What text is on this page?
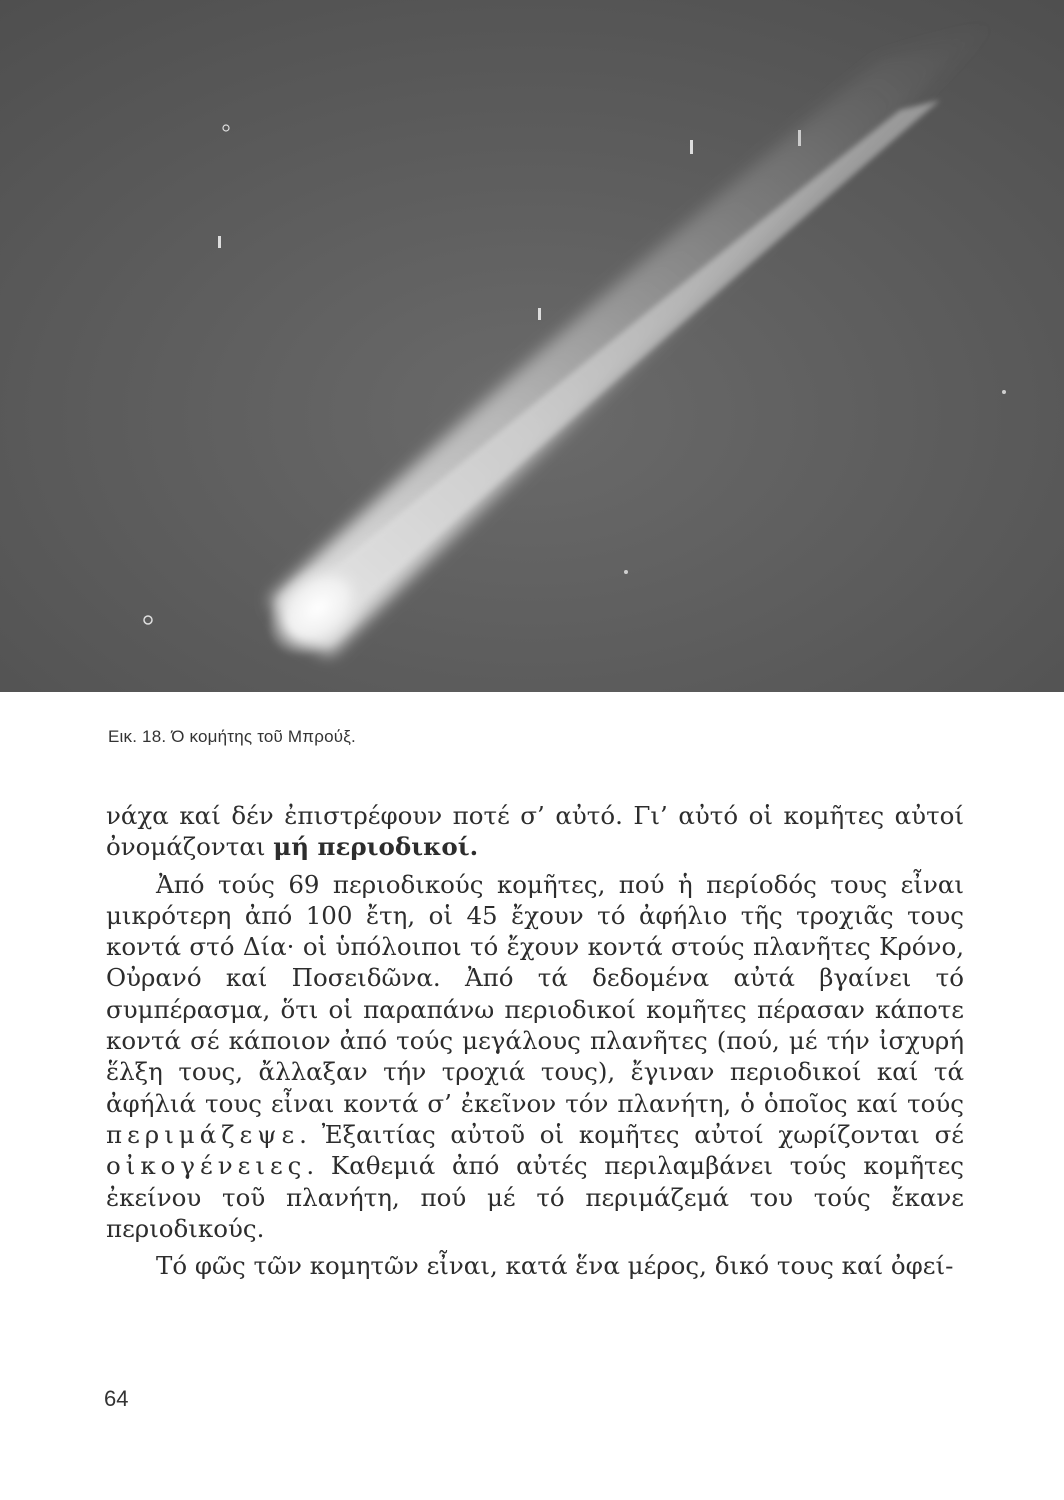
Εικ. 18. Ό κομήτης τοῦ Μπρούξ.

νάχα καί δέν ἐπιστρέφουν ποτέ σ’ αὐτό. Γι’ αὐτό οἱ κομῆτες αὐτοί ὀνομάζονται μή περιοδικοί.

Ἀπό τούς 69 περιοδικούς κομῆτες, πού ἡ περίοδός τους εἶναι μικρότερη ἀπό 100 ἔτη, οἱ 45 ἔχουν τό ἀφήλιο τῆς τροχιᾶς τους κοντά στό Δία· οἱ ὑπόλοιποι τό ἔχουν κοντά στούς πλανῆτες Κρόνο, Οὐρανό καί Ποσειδῶνα. Ἀπό τά δεδομένα αὐτά βγαίνει τό συμπέρασμα, ὅτι οἱ παραπάνω περιοδικοί κομῆτες πέρασαν κάποτε κοντά σέ κάποιον ἀπό τούς μεγάλους πλανῆτες (πού, μέ τήν ἰσχυρή ἕλξη τους, ἄλλαξαν τήν τροχιά τους), ἔγιναν περιοδικοί καί τά ἀφήλιά τους εἶναι κοντά σ’ ἐκεῖνον τόν πλανήτη, ὁ ὁποῖος καί τούς περιμάζεψε. Ἐξαιτίας αὐτοῦ οἱ κομῆτες αὐτοί χωρίζονται σέ οἰκογένειες. Καθεμιά ἀπό αὐτές περιλαμβάνει τούς κομῆτες ἐκείνου τοῦ πλανήτη, πού μέ τό περιμάζεμά του τούς ἔκανε περιοδικούς.

Τό φῶς τῶν κομητῶν εἶναι, κατά ἕνα μέρος, δικό τους καί ὀφεί-

64
